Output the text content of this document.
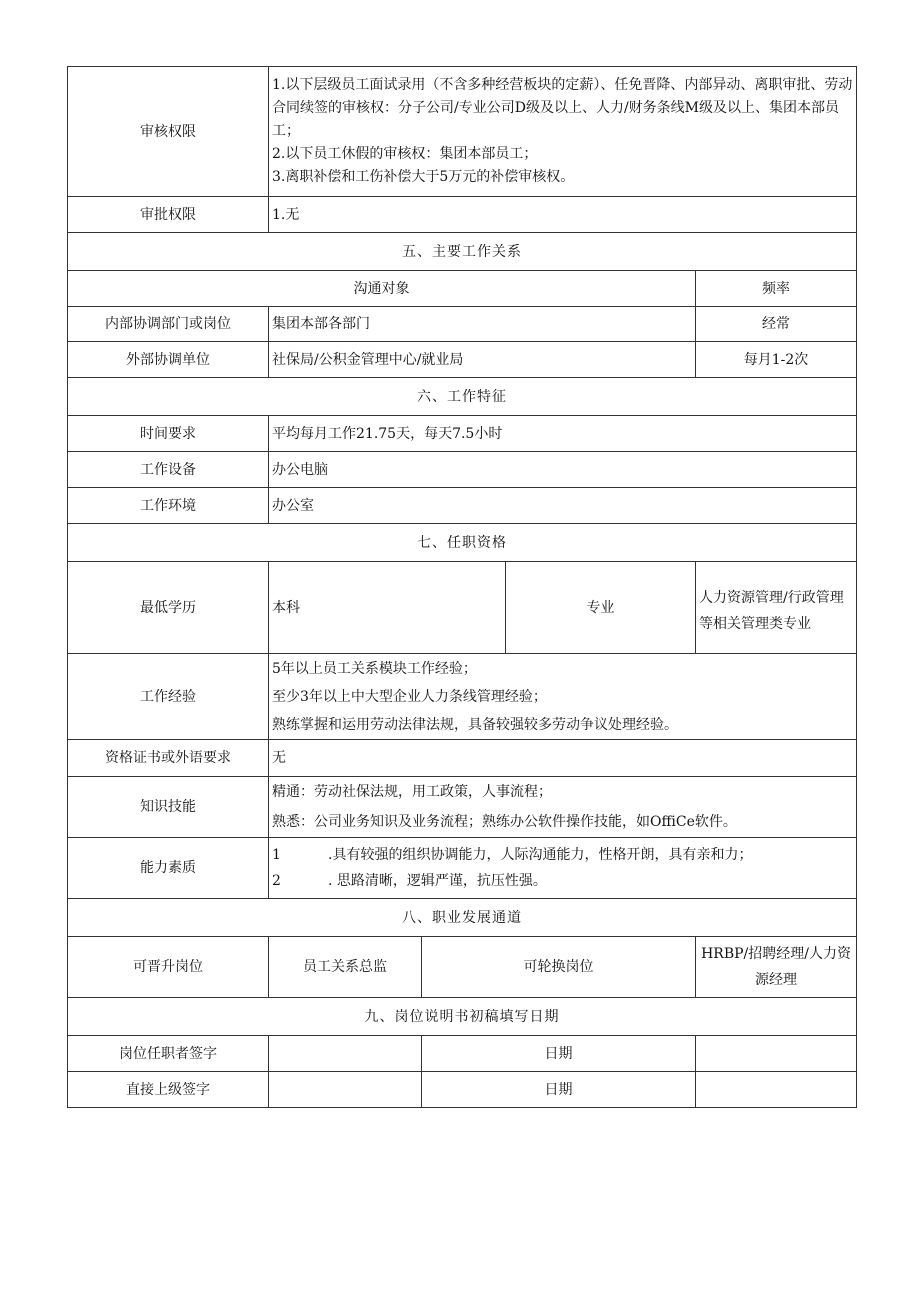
审核权限	1.以下层级员工面试录用（不含多种经营板块的定薪）、任免晋降、内部异动、离职审批、劳动合同续签的审核权：分子公司/专业公司D级及以上、人力/财务条线M级及以上、集团本部员工；
2.以下员工休假的审核权：集团本部员工；
3.离职补偿和工伤补偿大于5万元的补偿审核权。			

审批权限	1.无			
五、主要工作关系				
沟通对象				频率
内部协调部门或岗位	集团本部各部门			经常
外部协调单位	社保局/公积金管理中心/就业局			每月1-2次
六、工作特征				
时间要求	平均每月工作21.75天，每天7.5小时			
工作设备	办公电脑			
工作环境	办公室			
七、任职资格				
最低学历	本科		专业	人力资源管理/行政管理等相关管理类专业
工作经验	5年以上员工关系模块工作经验；
至少3年以上中大型企业人力条线管理经验；
熟练掌握和运用劳动法律法规，具备较强较多劳动争议处理经验。			

资格证书或外语要求	无			
知识技能	精通：劳动社保法规，用工政策，人事流程；
熟悉：公司业务知识及业务流程；熟练办公软件操作技能，如OffiCe软件。			

能力素质	1 .具有较强的组织协调能力，人际沟通能力，性格开朗，具有亲和力；
2 . 思路清晰，逻辑严谨，抗压性强。			

八、职业发展通道				
可晋升岗位	员工关系总监	可轮换岗位		HRBP/招聘经理/人力资源经理
九、岗位说明书初稿填写日期				
岗位任职者签字		日期		
直接上级签字		日期		
